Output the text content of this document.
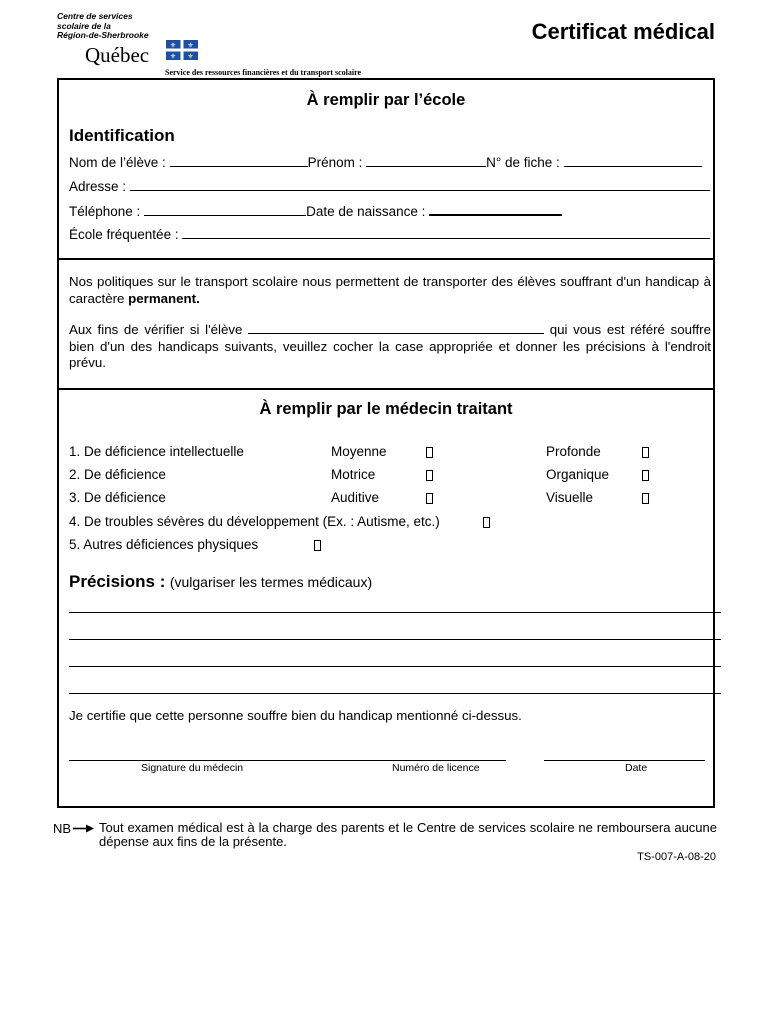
Centre de services
scolaire de la
Région-de-Sherbrooke
Québec	⚜ ⚜
⚜ ⚜
Service des ressources financières et du transport scolaire
Certificat médical
À remplir par l’école
Identification
Nom de l’élève :	Prénom :	N° de fiche :
Adresse :
Téléphone :	Date de naissance :
École fréquentée :
Nos politiques sur le transport scolaire nous permettent de transporter des élèves souffrant d'un handicap à caractère permanent.
Aux fins de vérifier si l'élève	qui vous est référé souffre bien d'un des handicaps suivants, veuillez cocher la case appropriée et donner les précisions à l'endroit prévu.
À remplir par le médecin traitant
1. De déficience intellectuelle	Moyenne	Profonde
2. De déficience	Motrice	Organique
3. De déficience	Auditive	Visuelle
4. De troubles sévères du développement (Ex. : Autisme, etc.)
5. Autres déficiences physiques
Précisions : (vulgariser les termes médicaux)
Je certifie que cette personne souffre bien du handicap mentionné ci-dessus.
Signature du médecin	Numéro de licence	Date
NB Tout examen médical est à la charge des parents et le Centre de services scolaire ne remboursera aucune dépense aux fins de la présente.
TS-007-A-08-20
